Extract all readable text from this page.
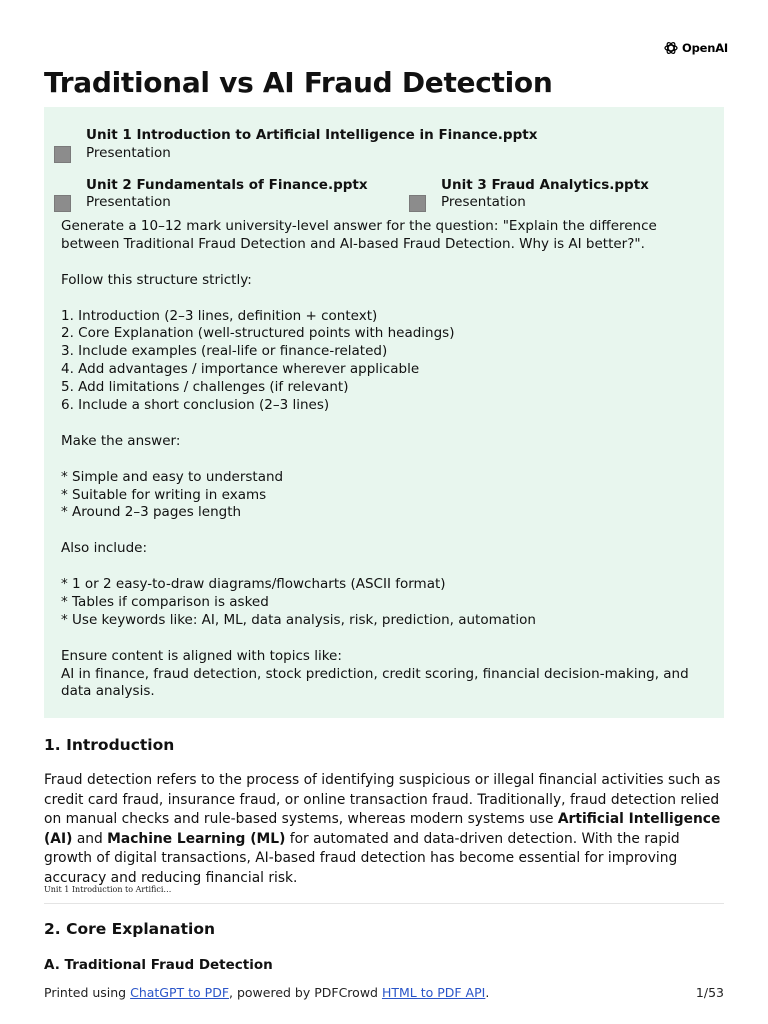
OpenAI
Traditional vs AI Fraud Detection
Unit 1 Introduction to Artificial Intelligence in Finance.pptx
Presentation
Unit 2 Fundamentals of Finance.pptx
Presentation
Unit 3 Fraud Analytics.pptx
Presentation

Generate a 10–12 mark university-level answer for the question: "Explain the difference between Traditional Fraud Detection and AI-based Fraud Detection. Why is AI better?".

Follow this structure strictly:

1. Introduction (2–3 lines, definition + context)

2. Core Explanation (well-structured points with headings)

3. Include examples (real-life or finance-related)

4. Add advantages / importance wherever applicable

5. Add limitations / challenges (if relevant)

6. Include a short conclusion (2–3 lines)

Make the answer:

* Simple and easy to understand

* Suitable for writing in exams

* Around 2–3 pages length

Also include:

* 1 or 2 easy-to-draw diagrams/flowcharts (ASCII format)

* Tables if comparison is asked

* Use keywords like: AI, ML, data analysis, risk, prediction, automation

Ensure content is aligned with topics like:

AI in finance, fraud detection, stock prediction, credit scoring, financial decision-making, and data analysis.

1. Introduction

Fraud detection refers to the process of identifying suspicious or illegal financial activities such as credit card fraud, insurance fraud, or online transaction fraud. Traditionally, fraud detection relied on manual checks and rule-based systems, whereas modern systems use Artificial Intelligence (AI) and Machine Learning (ML) for automated and data-driven detection. With the rapid growth of digital transactions, AI-based fraud detection has become essential for improving accuracy and reducing financial risk.

Unit 1 Introduction to Artifici…
2. Core Explanation
A. Traditional Fraud Detection
Printed using ChatGPT to PDF, powered by PDFCrowd HTML to PDF API.	1/53
